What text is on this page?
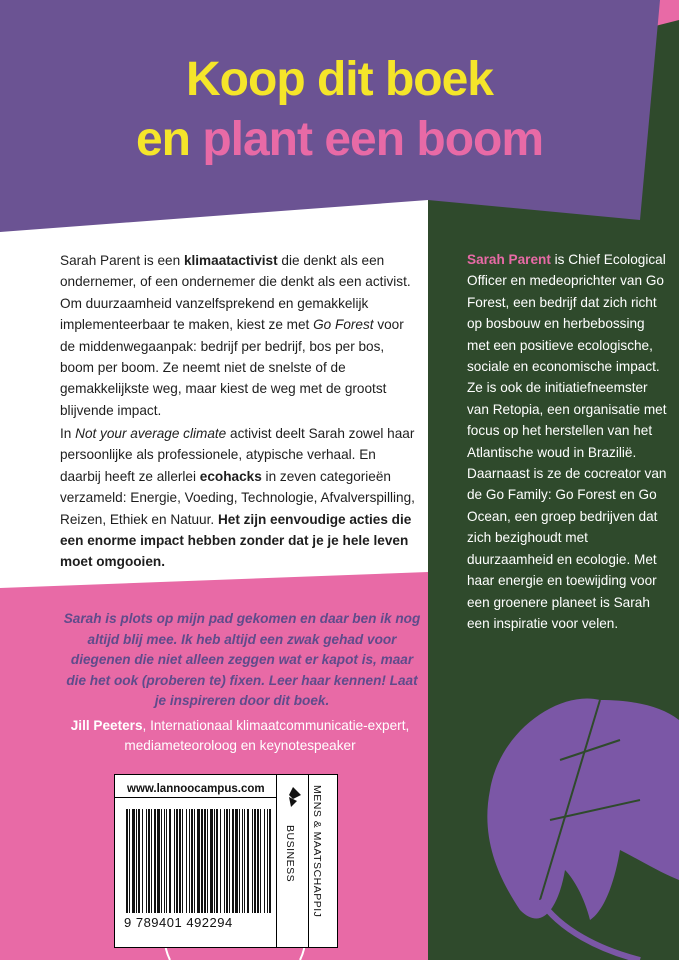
Koop dit boek
en plant een boom

Sarah Parent is een klimaatactivist die denkt als een ondernemer, of een ondernemer die denkt als een activist. Om duurzaamheid vanzelfsprekend en gemakkelijk implementeerbaar te maken, kiest ze met Go Forest voor de middenwegaanpak: bedrijf per bedrijf, bos per bos, boom per boom. Ze neemt niet de snelste of de gemakkelijkste weg, maar kiest de weg met de grootst blijvende impact.

In Not your average climate activist deelt Sarah zowel haar persoonlijke als professionele, atypische verhaal. En daarbij heeft ze allerlei ecohacks in zeven categorieën verzameld: Energie, Voeding, Technologie, Afvalverspilling, Reizen, Ethiek en Natuur. Het zijn eenvoudige acties die een enorme impact hebben zonder dat je je hele leven moet omgooien.

Sarah Parent is Chief Ecological Officer en medeoprichter van Go Forest, een bedrijf dat zich richt op bosbouw en herbebossing met een positieve ecologische, sociale en economische impact. Ze is ook de initiatiefneemster van Retopia, een organisatie met focus op het herstellen van het Atlantische woud in Brazilië. Daarnaast is ze de cocreator van de Go Family: Go Forest en Go Ocean, een groep bedrijven dat zich bezighoudt met duurzaamheid en ecologie. Met haar energie en toewijding voor een groenere planeet is Sarah een inspiratie voor velen.
Sarah is plots op mijn pad gekomen en daar ben ik nog altijd blij mee. Ik heb altijd een zwak gehad voor diegenen die niet alleen zeggen wat er kapot is, maar die het ook (proberen te) fixen. Leer haar kennen! Laat je inspireren door dit boek.
Jill Peeters, Internationaal klimaatcommunicatie-expert, mediameteoroloog en keynotespeaker
www.lannoocampus.com
9 789401 492294
BUSINESS MENS & MAATSCHAPPIJ
